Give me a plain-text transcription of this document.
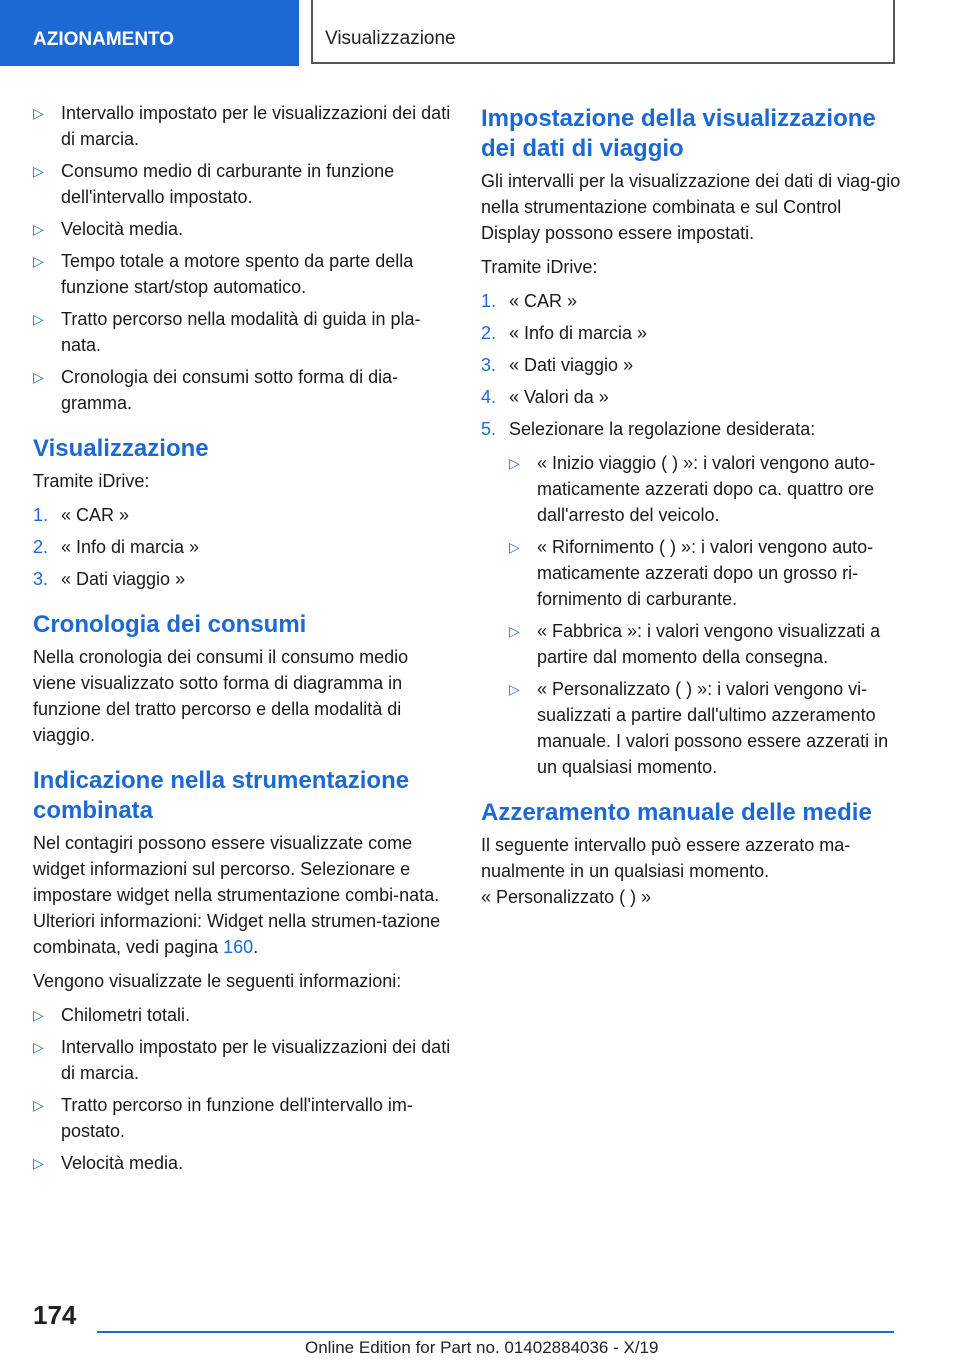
AZIONAMENTO	Visualizzazione
▷ Intervallo impostato per le visualizzazioni dei dati di marcia.
▷ Consumo medio di carburante in funzione dell'intervallo impostato.
▷ Velocità media.
▷ Tempo totale a motore spento da parte della funzione start/stop automatico.
▷ Tratto percorso nella modalità di guida in pla-nata.
▷ Cronologia dei consumi sotto forma di dia-gramma.
Visualizzazione

Tramite iDrive:

1. « CAR »
2. « Info di marcia »
3. « Dati viaggio »
Cronologia dei consumi

Nella cronologia dei consumi il consumo medio viene visualizzato sotto forma di diagramma in funzione del tratto percorso e della modalità di viaggio.

Indicazione nella strumentazione combinata

Nel contagiri possono essere visualizzate come widget informazioni sul percorso. Selezionare e impostare widget nella strumentazione combi-nata. Ulteriori informazioni: Widget nella strumen-tazione combinata, vedi pagina 160.

Vengono visualizzate le seguenti informazioni:

▷ Chilometri totali.
▷ Intervallo impostato per le visualizzazioni dei dati di marcia.
▷ Tratto percorso in funzione dell'intervallo im-postato.
▷ Velocità media.
Impostazione della visualizzazione dei dati di viaggio

Gli intervalli per la visualizzazione dei dati di viag-gio nella strumentazione combinata e sul Control Display possono essere impostati.

Tramite iDrive:

1. « CAR »
2. « Info di marcia »
3. « Dati viaggio »
4. « Valori da »
5. Selezionare la regolazione desiderata:
▷ « Inizio viaggio ( ) »: i valori vengono auto-maticamente azzerati dopo ca. quattro ore dall'arresto del veicolo.
▷ « Rifornimento ( ) »: i valori vengono auto-maticamente azzerati dopo un grosso ri-fornimento di carburante.
▷ « Fabbrica »: i valori vengono visualizzati a partire dal momento della consegna.
▷ « Personalizzato ( ) »: i valori vengono vi-sualizzati a partire dall'ultimo azzeramento manuale. I valori possono essere azzerati in un qualsiasi momento.
Azzeramento manuale delle medie

Il seguente intervallo può essere azzerato ma-nualmente in un qualsiasi momento.

« Personalizzato ( ) »

174
Online Edition for Part no. 01402884036 - X/19
